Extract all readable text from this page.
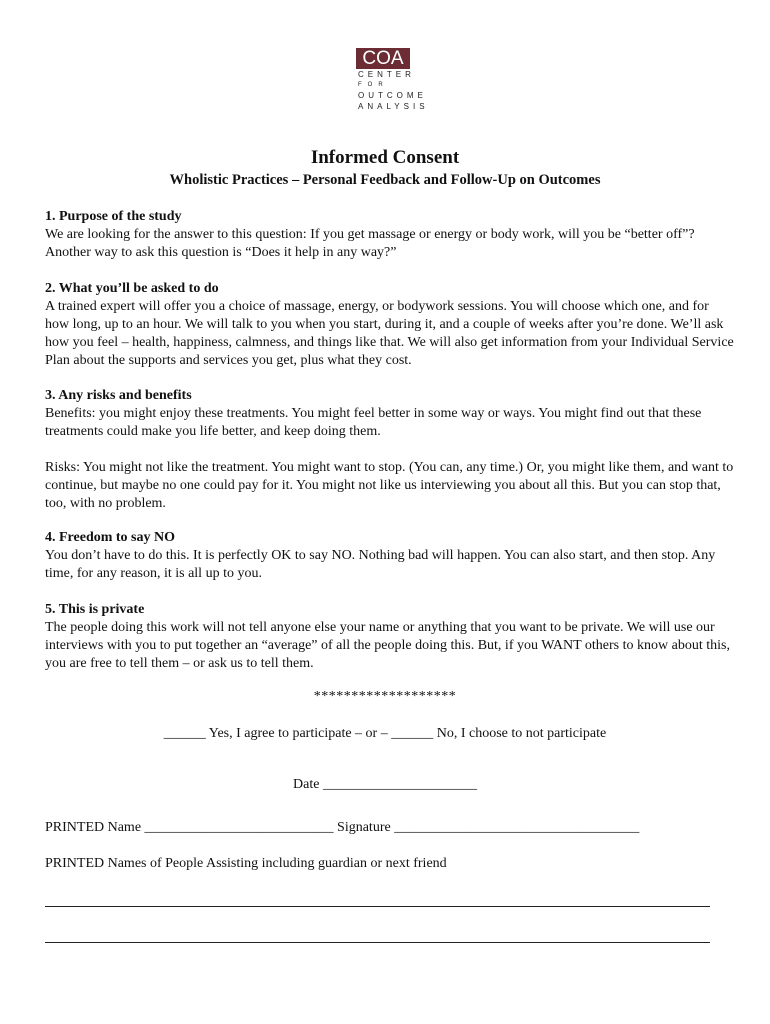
COA
CENTER
FOR
OUTCOME
ANALYSIS
Informed Consent
Wholistic Practices – Personal Feedback and Follow-Up on Outcomes
1. Purpose of the study

We are looking for the answer to this question: If you get massage or energy or body work, will you be “better off”? Another way to ask this question is “Does it help in any way?”

2. What you’ll be asked to do

A trained expert will offer you a choice of massage, energy, or bodywork sessions. You will choose which one, and for how long, up to an hour. We will talk to you when you start, during it, and a couple of weeks after you’re done. We’ll ask how you feel – health, happiness, calmness, and things like that. We will also get information from your Individual Service Plan about the supports and services you get, plus what they cost.

3. Any risks and benefits

Benefits: you might enjoy these treatments. You might feel better in some way or ways. You might find out that these treatments could make you life better, and keep doing them.

Risks: You might not like the treatment. You might want to stop. (You can, any time.) Or, you might like them, and want to continue, but maybe no one could pay for it. You might not like us interviewing you about all this. But you can stop that, too, with no problem.

4. Freedom to say NO

You don’t have to do this. It is perfectly OK to say NO. Nothing bad will happen. You can also start, and then stop. Any time, for any reason, it is all up to you.

5. This is private

The people doing this work will not tell anyone else your name or anything that you want to be private. We will use our interviews with you to put together an “average” of all the people doing this. But, if you WANT others to know about this, you are free to tell them – or ask us to tell them.

*******************
______ Yes, I agree to participate – or – ______ No, I choose to not participate
Date ______________________
PRINTED Name ___________________________ Signature ___________________________________
PRINTED Names of People Assisting including guardian or next friend
